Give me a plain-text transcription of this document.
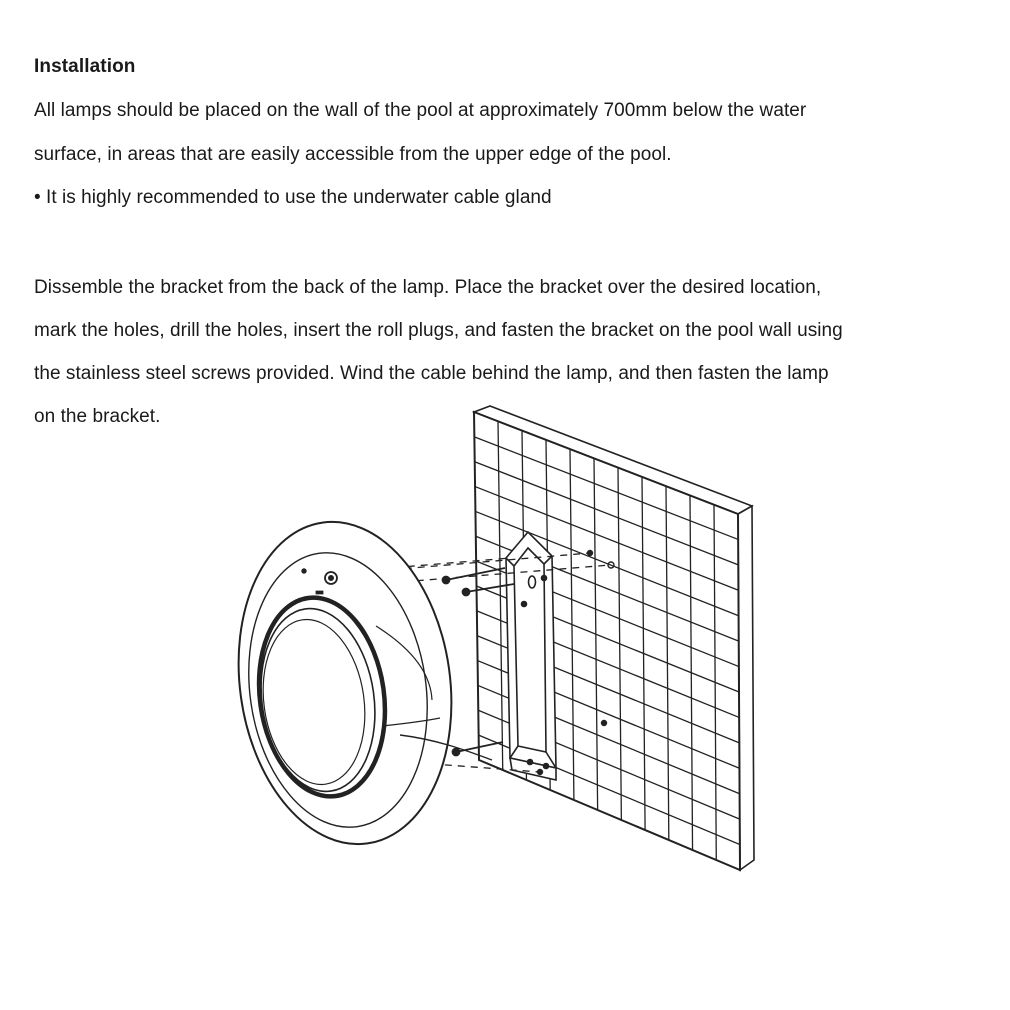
Installation
All lamps should be placed on the wall of the pool at approximately 700mm below the water
surface, in areas that are easily accessible from the upper edge of the pool.
• It is highly recommended to use the underwater cable gland
Dissemble the bracket from the back of the lamp. Place the bracket over the desired location,
mark the holes, drill the holes, insert the roll plugs, and fasten the bracket on the pool wall using
the stainless steel screws provided. Wind the cable behind the lamp, and then fasten the lamp
on the bracket.
